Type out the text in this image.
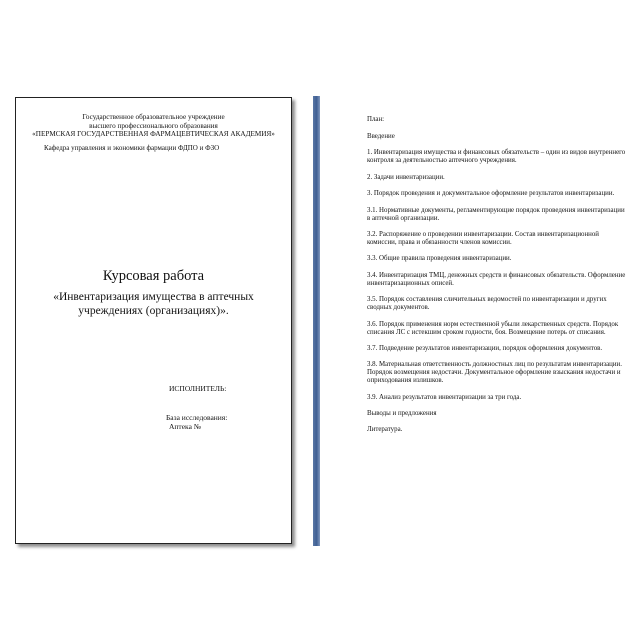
Государственное образовательное учреждение
высшего профессионального образования
«ПЕРМСКАЯ ГОСУДАРСТВЕННАЯ ФАРМАЦЕВТИЧЕСКАЯ АКАДЕМИЯ»
Кафедра управления и экономики фармации ФДПО и ФЗО
Курсовая работа
«Инвентаризация имущества в аптечных
учреждениях (организациях)».
ИСПОЛНИТЕЛЬ:
База исследования:
Аптека №
План:
Введение
1. Инвентаризация имущества и финансовых обязательств – один из видов внутреннего контроля за деятельностью аптечного учреждения.
2. Задачи инвентаризации.
3. Порядок проведения и документальное оформление результатов инвентаризации.
3.1. Нормативные документы, регламентирующие порядок проведения инвентаризации в аптечной организации.
3.2. Распоряжение о проведении инвентаризации. Состав инвентаризационной комиссии, права и обязанности членов комиссии.
3.3. Общие правила проведения инвентаризации.
3.4. Инвентаризация ТМЦ, денежных средств и финансовых обязательств. Оформление инвентаризационных описей.
3.5. Порядок составления сличительных ведомостей по инвентаризации и других сводных документов.
3.6. Порядок применения норм естественной убыли лекарственных средств. Порядок списания ЛС с истекшим сроком годности, боя. Возмещение потерь от списания.
3.7. Подведение результатов инвентаризации, порядок оформления документов.
3.8. Материальная ответственность должностных лиц по результатам инвентаризации. Порядок возмещения недостачи. Документальное оформление взыскания недостачи и оприходования излишков.
3.9. Анализ результатов инвентаризации за три года.
Выводы и предложения
Литература.
